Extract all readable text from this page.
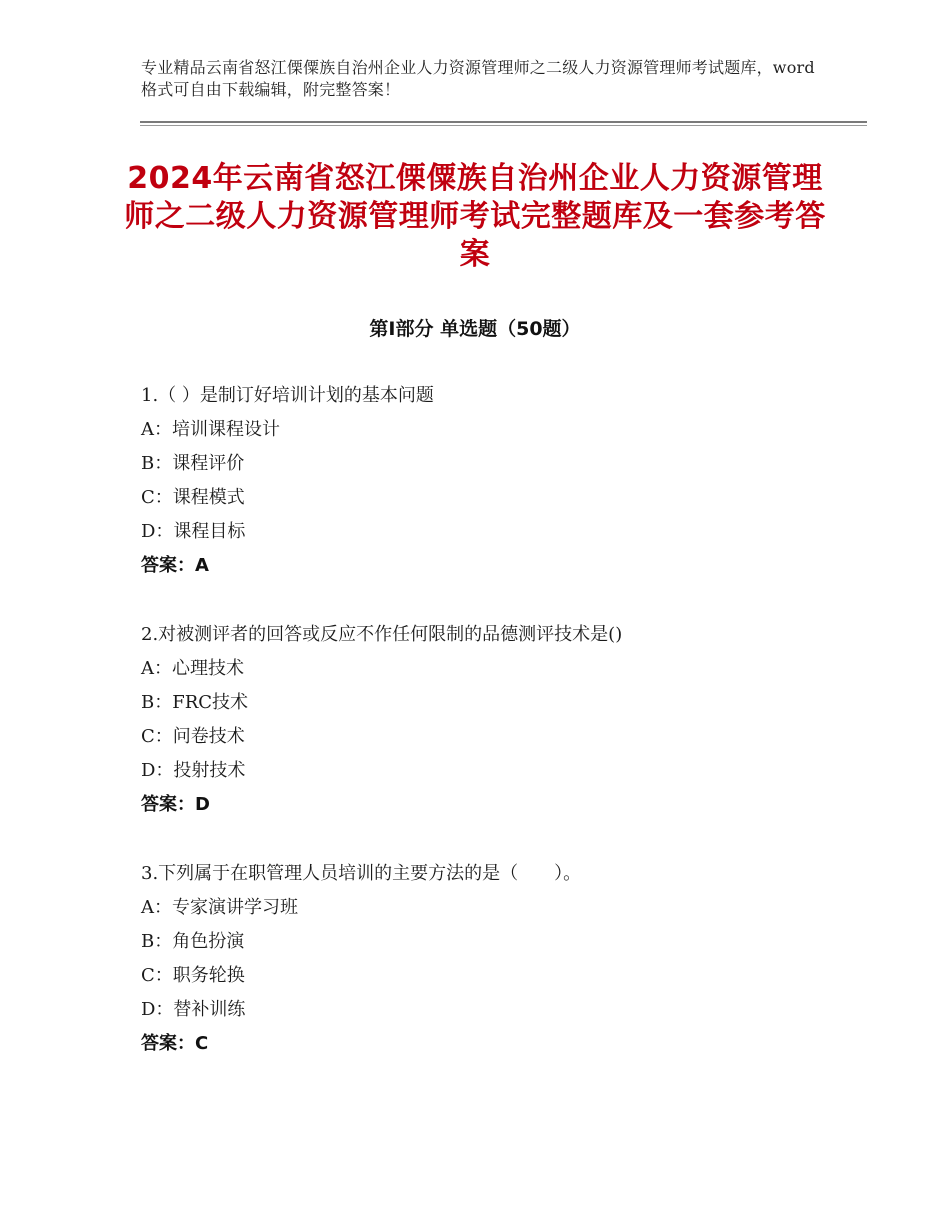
专业精品云南省怒江傈僳族自治州企业人力资源管理师之二级人力资源管理师考试题库，word格式可自由下载编辑，附完整答案！
2024年云南省怒江傈僳族自治州企业人力资源管理师之二级人力资源管理师考试完整题库及一套参考答案
第Ⅰ部分 单选题（50题）
1.（ ）是制订好培训计划的基本问题
A：培训课程设计
B：课程评价
C：课程模式
D：课程目标
答案：A
2.对被测评者的回答或反应不作任何限制的品德测评技术是()
A：心理技术
B：FRC技术
C：问卷技术
D：投射技术
答案：D
3.下列属于在职管理人员培训的主要方法的是（　　）。
A：专家演讲学习班
B：角色扮演
C：职务轮换
D：替补训练
答案：C
